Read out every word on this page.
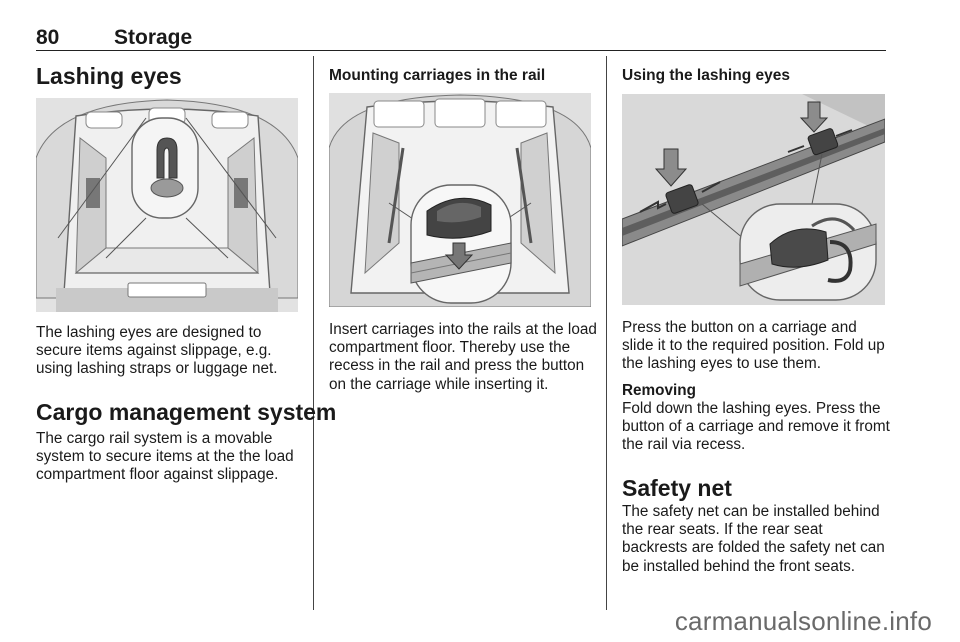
80	Storage
Lashing eyes
The lashing eyes are designed to secure items against slippage, e.g. using lashing straps or luggage net.
Cargo management system
The cargo rail system is a movable system to secure items at the the load compartment floor against slippage.
Mounting carriages in the rail
Insert carriages into the rails at the load compartment floor. Thereby use the recess in the rail and press the button on the carriage while inserting it.
Using the lashing eyes
Press the button on a carriage and slide it to the required position. Fold up the lashing eyes to use them.
Removing
Fold down the lashing eyes. Press the button of a carriage and remove it fromt the rail via recess.
Safety net
The safety net can be installed behind the rear seats. If the rear seat backrests are folded the safety net can be installed behind the front seats.
carmanualsonline.info
